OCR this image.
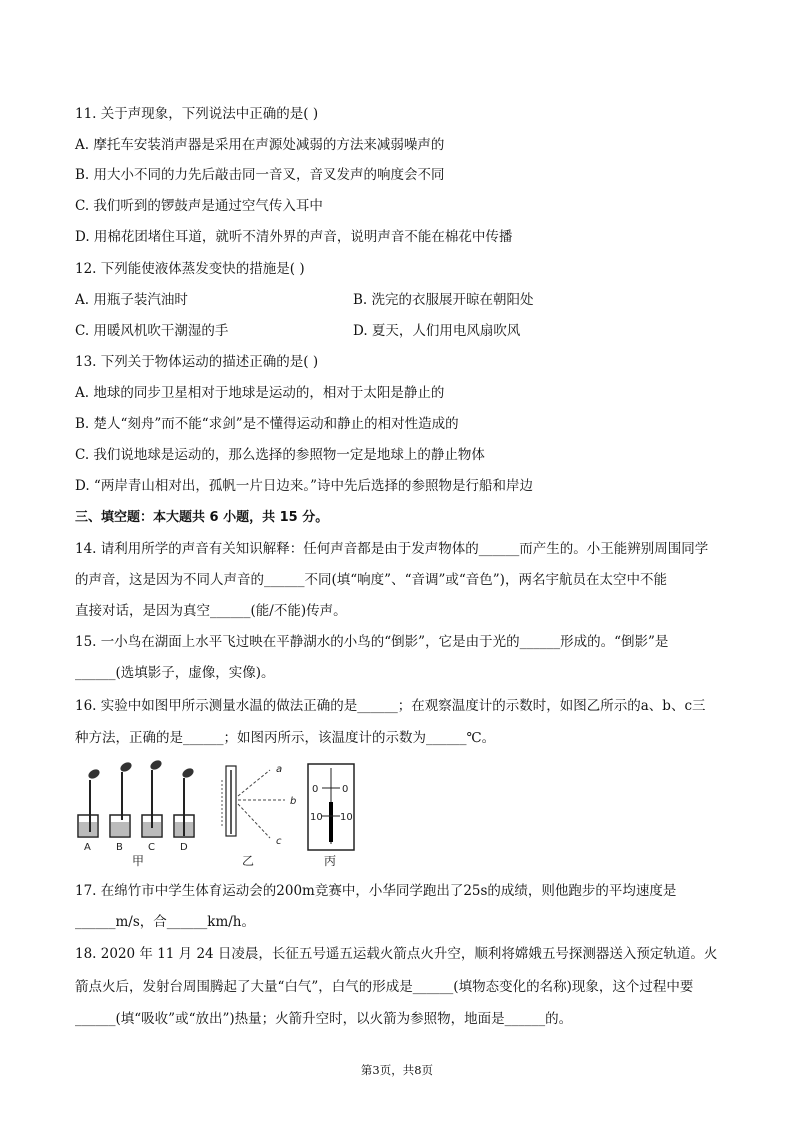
11. 关于声现象，下列说法中正确的是( )
A. 摩托车安装消声器是采用在声源处减弱的方法来减弱噪声的
B. 用大小不同的力先后敲击同一音叉，音叉发声的响度会不同
C. 我们听到的锣鼓声是通过空气传入耳中
D. 用棉花团堵住耳道，就听不清外界的声音，说明声音不能在棉花中传播
12. 下列能使液体蒸发变快的措施是( )
A. 用瓶子装汽油时	B. 洗完的衣服展开晾在朝阳处
C. 用暖风机吹干潮湿的手	D. 夏天，人们用电风扇吹风
13. 下列关于物体运动的描述正确的是( )
A. 地球的同步卫星相对于地球是运动的，相对于太阳是静止的
B. 楚人“刻舟”而不能“求剑”是不懂得运动和静止的相对性造成的
C. 我们说地球是运动的，那么选择的参照物一定是地球上的静止物体
D. “两岸青山相对出，孤帆一片日边来。”诗中先后选择的参照物是行船和岸边
三、填空题：本大题共 6 小题，共 15 分。
14. 请利用所学的声音有关知识解释：任何声音都是由于发声物体的______而产生的。小王能辨别周围同学
的声音，这是因为不同人声音的______不同(填“响度”、“音调”或“音色”)，两名宇航员在太空中不能
直接对话，是因为真空______(能/不能)传声。
15. 一小鸟在湖面上水平飞过映在平静湖水的小鸟的“倒影”，它是由于光的______形成的。“倒影”是
______(选填影子，虚像，实像)。
16. 实验中如图甲所示测量水温的做法正确的是______；在观察温度计的示数时，如图乙所示的a、b、c三
种方法，正确的是______；如图丙所示，该温度计的示数为______℃。
A	B	C	D
甲
a
b
c
乙
0 0
10 10
丙
17. 在绵竹市中学生体育运动会的200m竞赛中，小华同学跑出了25s的成绩，则他跑步的平均速度是
______m/s，合______km/h。
18. 2020 年 11 月 24 日凌晨，长征五号遥五运载火箭点火升空，顺利将嫦娥五号探测器送入预定轨道。火
箭点火后，发射台周围腾起了大量“白气”，白气的形成是______(填物态变化的名称)现象，这个过程中要
______(填“吸收”或“放出”)热量；火箭升空时，以火箭为参照物，地面是______的。
第3页，共8页
